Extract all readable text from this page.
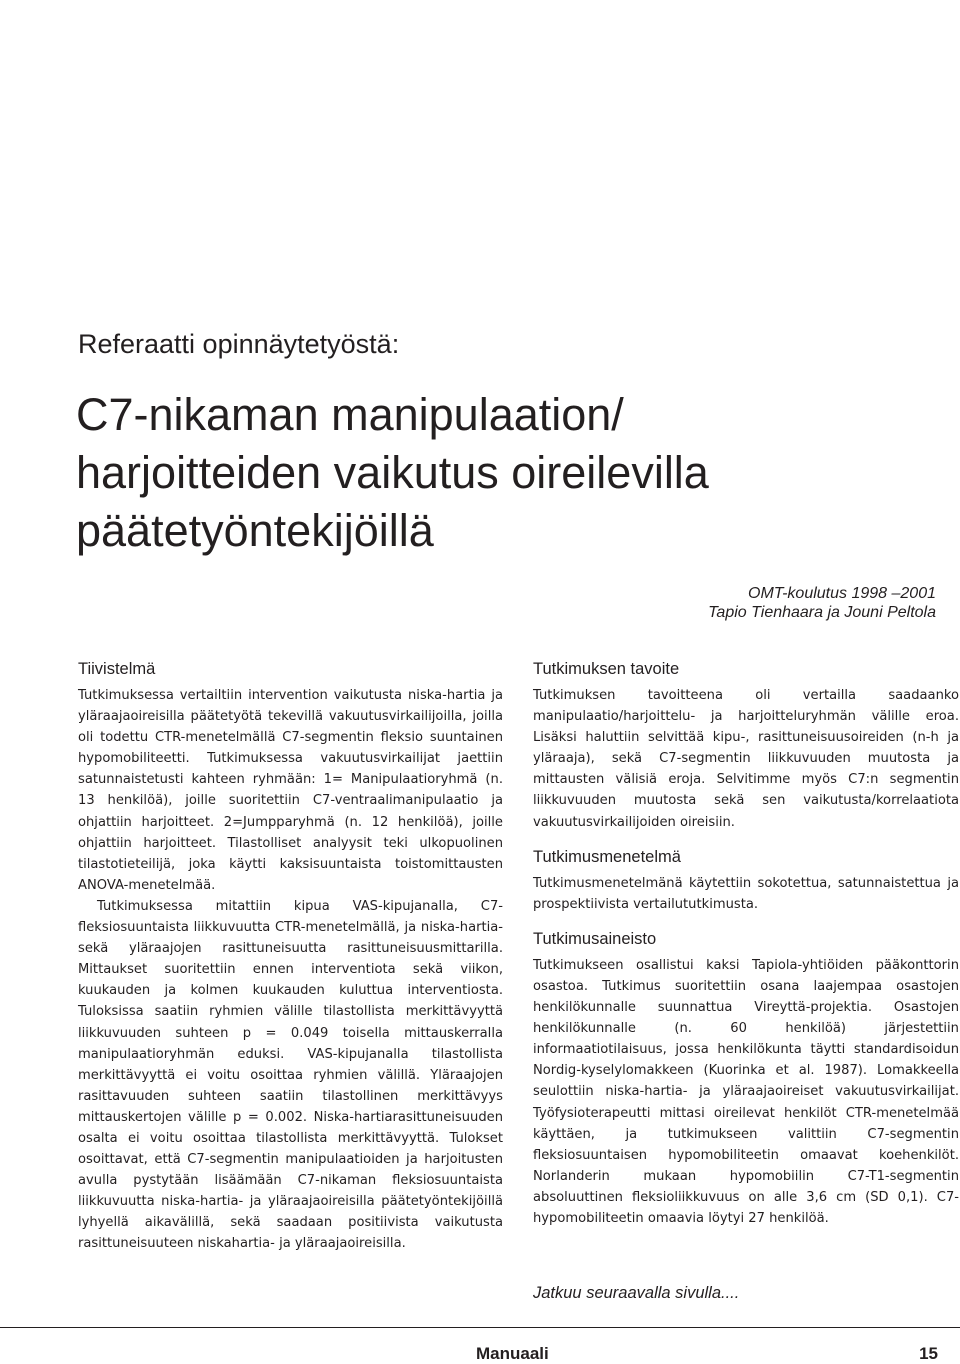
Referaatti opinnäytetyöstä:
C7-nikaman manipulaation/
harjoitteiden vaikutus oireilevilla
päätetyöntekijöillä
OMT-koulutus 1998 –2001
Tapio Tienhaara ja Jouni Peltola
Tiivistelmä

Tutkimuksessa vertailtiin intervention vaikutusta niska-hartia ja yläraajaoireisilla päätetyötä tekevillä vakuutusvirkailijoilla, joilla oli todettu CTR-menetelmällä C7-segmentin fleksio suuntainen hypomobiliteetti. Tutkimuksessa vakuutusvirkailijat jaettiin satunnaistetusti kahteen ryhmään: 1= Manipulaatioryhmä (n. 13 henkilöä), joille suoritettiin C7-ventraalimanipulaatio ja ohjattiin harjoitteet. 2=Jumpparyhmä (n. 12 henkilöä), joille ohjattiin harjoitteet. Tilastolliset analyysit teki ulkopuolinen tilastotieteilijä, joka käytti kaksisuuntaista toistomittausten ANOVA-menetelmää.

Tutkimuksessa mitattiin kipua VAS-kipujanalla, C7-fleksiosuuntaista liikkuvuutta CTR-menetelmällä, ja niska-hartia- sekä yläraajojen rasittuneisuutta rasittuneisuusmittarilla. Mittaukset suoritettiin ennen interventiota sekä viikon, kuukauden ja kolmen kuukauden kuluttua interventiosta. Tuloksissa saatiin ryhmien välille tilastollista merkittävyyttä liikkuvuuden suhteen p = 0.049 toisella mittauskerralla manipulaatioryhmän eduksi. VAS-kipujanalla tilastollista merkittävyyttä ei voitu osoittaa ryhmien välillä. Yläraajojen rasittavuuden suhteen saatiin tilastollinen merkittävyys mittauskertojen välille p = 0.002. Niska-hartiarasittuneisuuden osalta ei voitu osoittaa tilastollista merkittävyyttä. Tulokset osoittavat, että C7-segmentin manipulaatioiden ja harjoitusten avulla pystytään lisäämään C7-nikaman fleksiosuuntaista liikkuvuutta niska-hartia- ja yläraajaoireisilla päätetyöntekijöillä lyhyellä aikavälillä, sekä saadaan positiivista vaikutusta rasittuneisuuteen niskahartia- ja yläraajaoireisilla.

Tutkimuksen tavoite

Tutkimuksen tavoitteena oli vertailla saadaanko manipulaatio/harjoittelu- ja harjoitteluryhmän välille eroa. Lisäksi haluttiin selvittää kipu-, rasittuneisuusoireiden (n-h ja yläraaja), sekä C7-segmentin liikkuvuuden muutosta ja mittausten välisiä eroja. Selvitimme myös C7:n segmentin liikkuvuuden muutosta sekä sen vaikutusta/korrelaatiota vakuutusvirkailijoiden oireisiin.

Tutkimusmenetelmä

Tutkimusmenetelmänä käytettiin sokotettua, satunnaistettua ja prospektiivista vertailututkimusta.

Tutkimusaineisto

Tutkimukseen osallistui kaksi Tapiola-yhtiöiden pääkonttorin osastoa. Tutkimus suoritettiin osana laajempaa osastojen henkilökunnalle suunnattua Vireyttä-projektia. Osastojen henkilökunnalle (n. 60 henkilöä) järjestettiin informaatiotilaisuus, jossa henkilökunta täytti standardisoidun Nordig-kyselylomakkeen (Kuorinka et al. 1987). Lomakkeella seulottiin niska-hartia- ja yläraajaoireiset vakuutusvirkailijat. Työfysioterapeutti mittasi oireilevat henkilöt CTR-menetelmää käyttäen, ja tutkimukseen valittiin C7-segmentin fleksiosuuntaisen hypomobiliteetin omaavat koehenkilöt. Norlanderin mukaan hypomobiilin C7-T1-segmentin absoluuttinen fleksioliikkuvuus on alle 3,6 cm (SD 0,1). C7-hypomobiliteetin omaavia löytyi 27 henkilöä.

Jatkuu seuraavalla sivulla....
Manuaali	15
